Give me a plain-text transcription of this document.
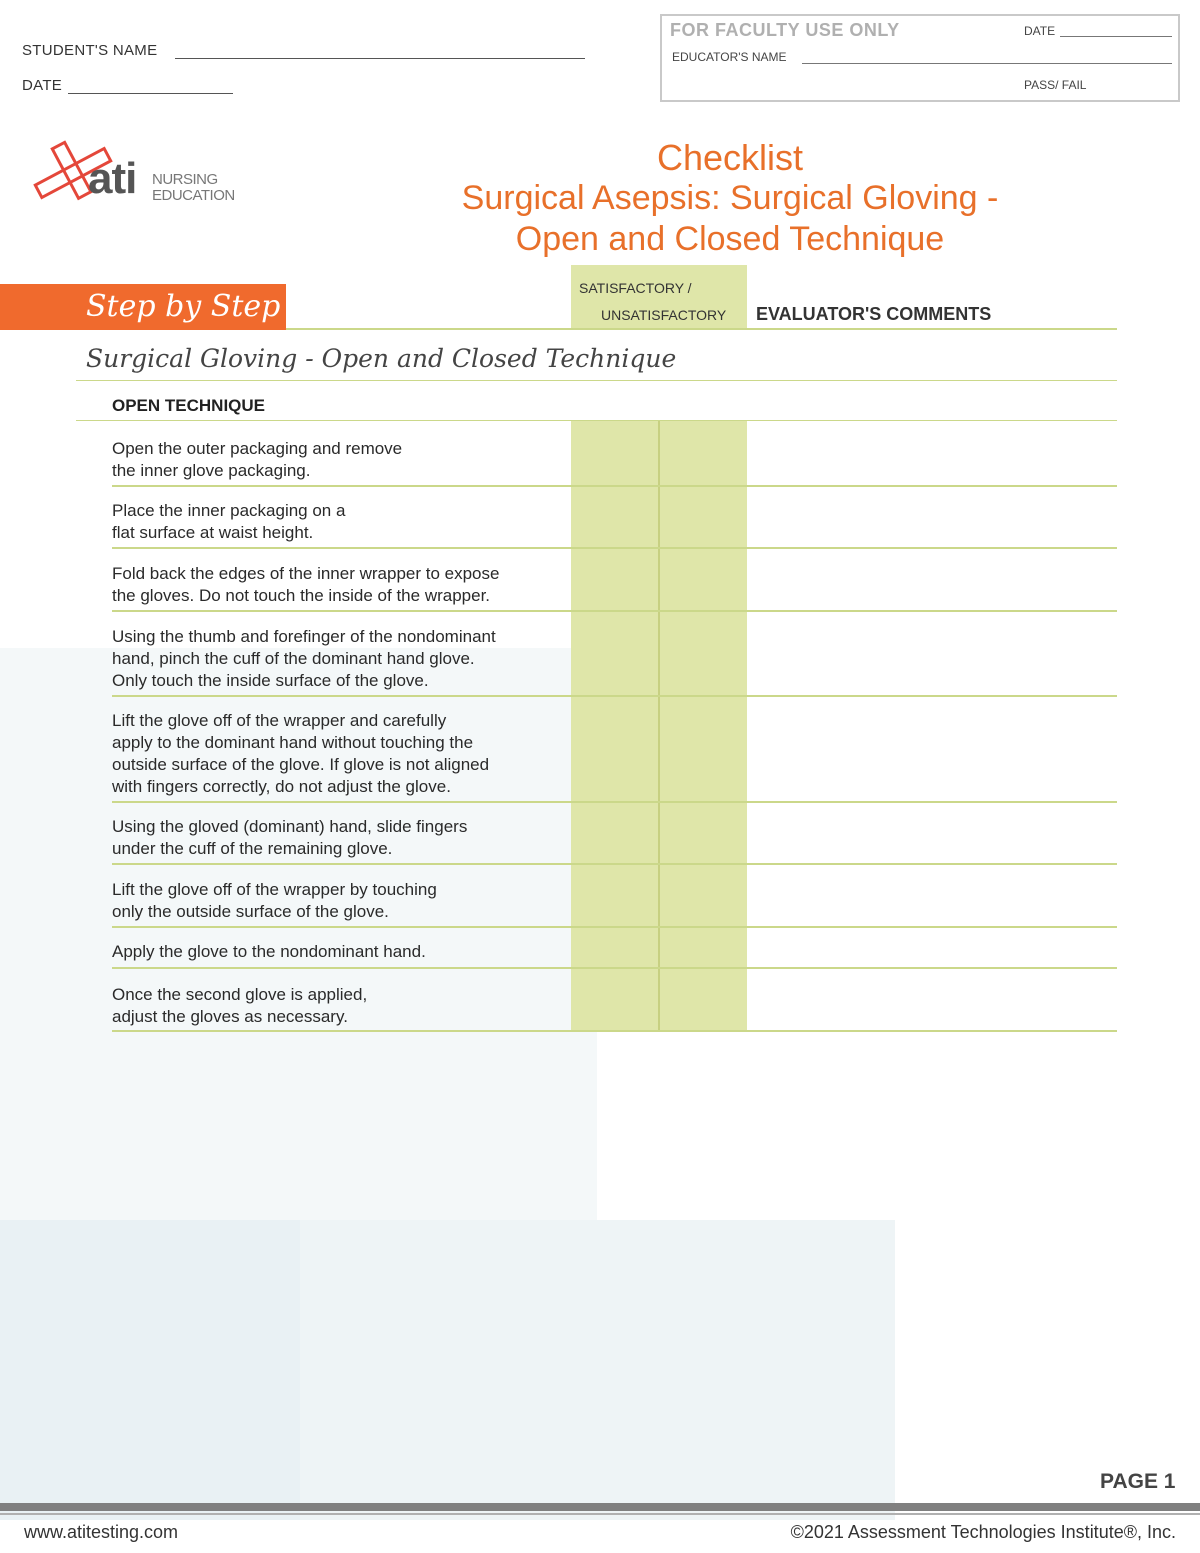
STUDENT'S NAME
DATE
FOR FACULTY USE ONLY	DATE
EDUCATOR'S NAME
PASS/ FAIL
ati NURSING
EDUCATION
Checklist
Surgical Asepsis: Surgical Gloving -
Open and Closed Technique
Step by Step
SATISFACTORY /
UNSATISFACTORY EVALUATOR'S COMMENTS
Surgical Gloving - Open and Closed Technique
OPEN TECHNIQUE
Open the outer packaging and remove
the inner glove packaging.
Place the inner packaging on a
flat surface at waist height.
Fold back the edges of the inner wrapper to expose
the gloves. Do not touch the inside of the wrapper.
Using the thumb and forefinger of the nondominant
hand, pinch the cuff of the dominant hand glove.
Only touch the inside surface of the glove.
Lift the glove off of the wrapper and carefully
apply to the dominant hand without touching the
outside surface of the glove. If glove is not aligned
with fingers correctly, do not adjust the glove.
Using the gloved (dominant) hand, slide fingers
under the cuff of the remaining glove.
Lift the glove off of the wrapper by touching
only the outside surface of the glove.
Apply the glove to the nondominant hand.
Once the second glove is applied,
adjust the gloves as necessary.
PAGE 1
www.atitesting.com	©2021 Assessment Technologies Institute®, Inc.
